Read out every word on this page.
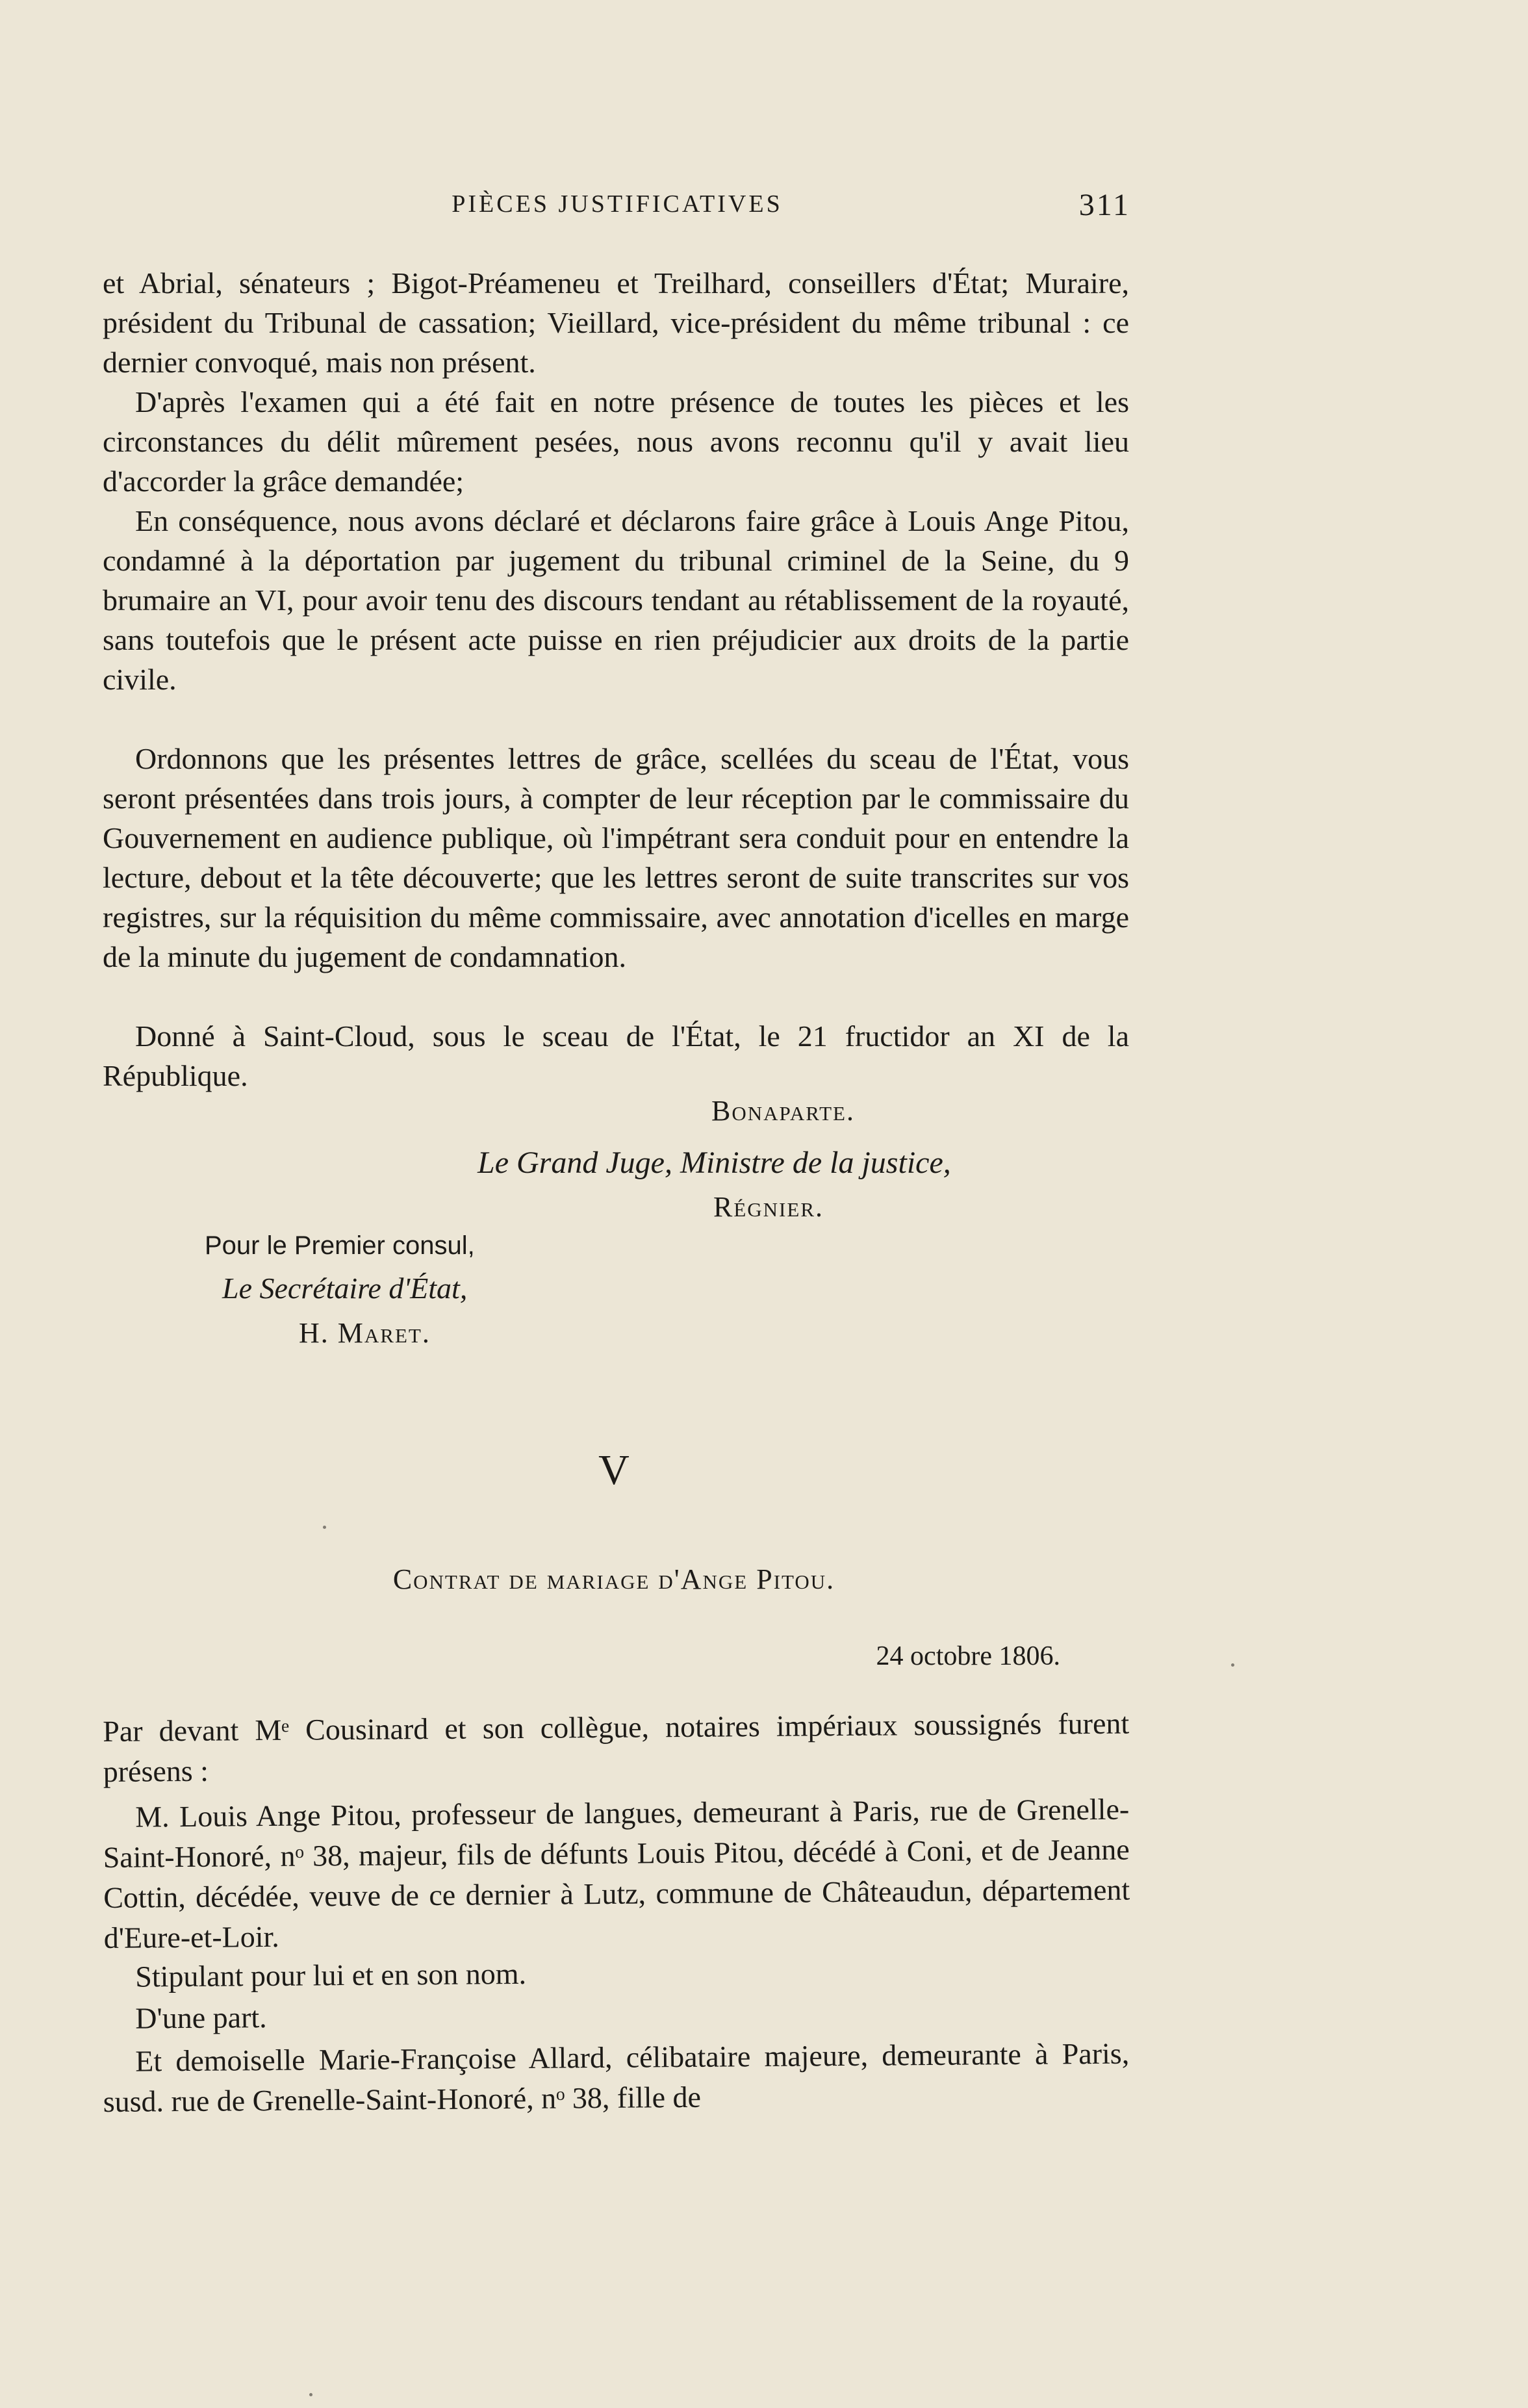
PIÈCES JUSTIFICATIVES	311

et Abrial, sénateurs ; Bigot-Préameneu et Treilhard, conseillers d'État; Muraire, président du Tribunal de cassation; Vieillard, vice-président du même tribunal : ce dernier convoqué, mais non présent.

D'après l'examen qui a été fait en notre présence de toutes les pièces et les circonstances du délit mûrement pesées, nous avons reconnu qu'il y avait lieu d'accorder la grâce demandée;

En conséquence, nous avons déclaré et déclarons faire grâce à Louis Ange Pitou, condamné à la déportation par jugement du tribunal criminel de la Seine, du 9 brumaire an VI, pour avoir tenu des discours tendant au rétablissement de la royauté, sans toutefois que le présent acte puisse en rien préjudicier aux droits de la partie civile.

Ordonnons que les présentes lettres de grâce, scellées du sceau de l'État, vous seront présentées dans trois jours, à compter de leur réception par le commissaire du Gouvernement en audience publique, où l'impétrant sera conduit pour en entendre la lecture, debout et la tête découverte; que les lettres seront de suite transcrites sur vos registres, sur la réquisition du même commissaire, avec annotation d'icelles en marge de la minute du jugement de condamnation.

Donné à Saint-Cloud, sous le sceau de l'État, le 21 fructidor an XI de la République.

Bonaparte.
Le Grand Juge, Ministre de la justice,
Régnier.
Pour le Premier consul,
Le Secrétaire d'État,
H. Maret.
V
Contrat de mariage d'Ange Pitou.
24 octobre 1806.

Par devant Mᵉ Cousinard et son collègue, notaires impériaux soussignés furent présens :

M. Louis Ange Pitou, professeur de langues, demeurant à Paris, rue de Grenelle-Saint-Honoré, nᵒ 38, majeur, fils de défunts Louis Pitou, décédé à Coni, et de Jeanne Cottin, décédée, veuve de ce dernier à Lutz, commune de Châteaudun, département d'Eure-et-Loir.

Stipulant pour lui et en son nom.

D'une part.

Et demoiselle Marie-Françoise Allard, célibataire majeure, demeurante à Paris, susd. rue de Grenelle-Saint-Honoré, nᵒ 38, fille de
